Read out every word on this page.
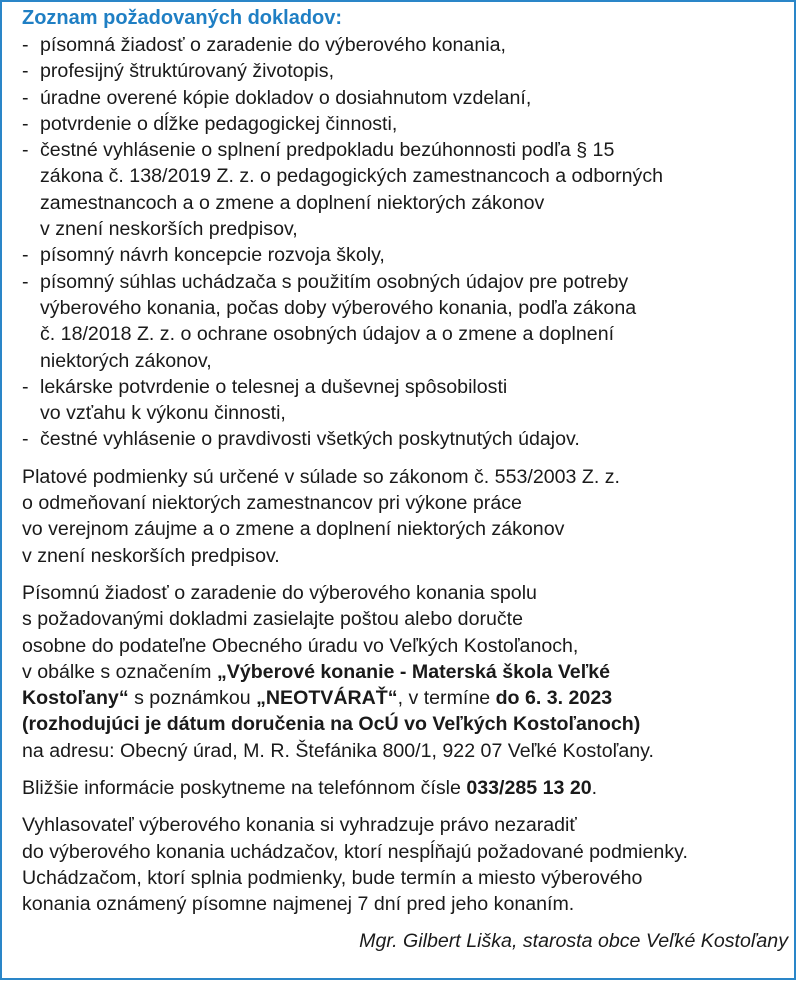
Zoznam požadovaných dokladov:

- písomná žiadosť o zaradenie do výberového konania,
- profesijný štruktúrovaný životopis,
- úradne overené kópie dokladov o dosiahnutom vzdelaní,
- potvrdenie o dĺžke pedagogickej činnosti,
- čestné vyhlásenie o splnení predpokladu bezúhonnosti podľa § 15
zákona č. 138/2019 Z. z. o pedagogických zamestnancoch a odborných
zamestnancoch a o zmene a doplnení niektorých zákonov
v znení neskorších predpisov,
- písomný návrh koncepcie rozvoja školy,
- písomný súhlas uchádzača s použitím osobných údajov pre potreby
výberového konania, počas doby výberového konania, podľa zákona
č. 18/2018 Z. z. o ochrane osobných údajov a o zmene a doplnení
niektorých zákonov,
- lekárske potvrdenie o telesnej a duševnej spôsobilosti
vo vzťahu k výkonu činnosti,
- čestné vyhlásenie o pravdivosti všetkých poskytnutých údajov.

Platové podmienky sú určené v súlade so zákonom č. 553/2003 Z. z.
o odmeňovaní niektorých zamestnancov pri výkone práce
vo verejnom záujme a o zmene a doplnení niektorých zákonov
v znení neskorších predpisov.

Písomnú žiadosť o zaradenie do výberového konania spolu
s požadovanými dokladmi zasielajte poštou alebo doručte
osobne do podateľne Obecného úradu vo Veľkých Kostoľanoch,
v obálke s označením „Výberové konanie - Materská škola Veľké
Kostoľany“ s poznámkou „NEOTVÁRAŤ“, v termíne do 6. 3. 2023
(rozhodujúci je dátum doručenia na OcÚ vo Veľkých Kostoľanoch)
na adresu: Obecný úrad, M. R. Štefánika 800/1, 922 07 Veľké Kostoľany.

Bližšie informácie poskytneme na telefónnom čísle 033/285 13 20.

Vyhlasovateľ výberového konania si vyhradzuje právo nezaradiť
do výberového konania uchádzačov, ktorí nespĺňajú požadované podmienky.
Uchádzačom, ktorí splnia podmienky, bude termín a miesto výberového
konania oznámený písomne najmenej 7 dní pred jeho konaním.

Mgr. Gilbert Liška, starosta obce Veľké Kostoľany
